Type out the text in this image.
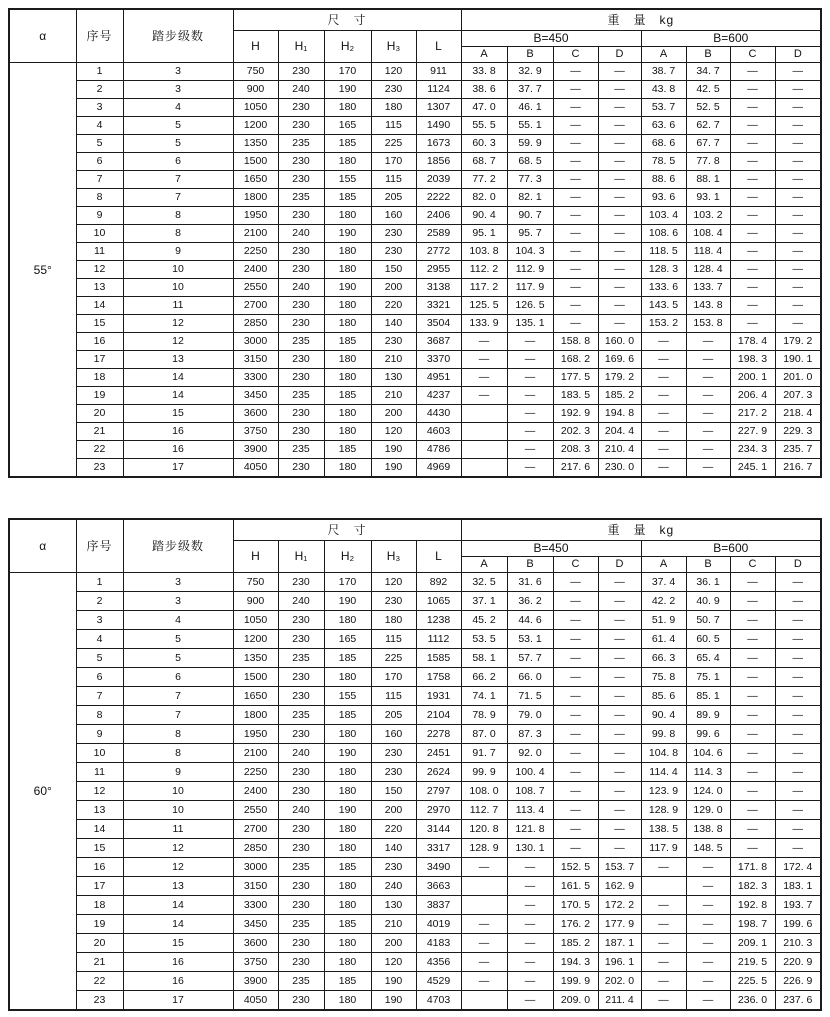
α	序号	踏步级数	尺　寸					重　量　kg							
			H	H₁	H₂	H₃	L	B=450				B=600			
								A	B	C	D	A	B	C	D
55°	1	3	750	230	170	120	911	33. 8	32. 9	—	—	38. 7	34. 7	—	—
	2	3	900	240	190	230	1124	38. 6	37. 7	—	—	43. 8	42. 5	—	—
	3	4	1050	230	180	180	1307	47. 0	46. 1	—	—	53. 7	52. 5	—	—
	4	5	1200	230	165	115	1490	55. 5	55. 1	—	—	63. 6	62. 7	—	—
	5	5	1350	235	185	225	1673	60. 3	59. 9	—	—	68. 6	67. 7	—	—
	6	6	1500	230	180	170	1856	68. 7	68. 5	—	—	78. 5	77. 8	—	—
	7	7	1650	230	155	115	2039	77. 2	77. 3	—	—	88. 6	88. 1	—	—
	8	7	1800	235	185	205	2222	82. 0	82. 1	—	—	93. 6	93. 1	—	—
	9	8	1950	230	180	160	2406	90. 4	90. 7	—	—	103. 4	103. 2	—	—
	10	8	2100	240	190	230	2589	95. 1	95. 7	—	—	108. 6	108. 4	—	—
	11	9	2250	230	180	230	2772	103. 8	104. 3	—	—	118. 5	118. 4	—	—
	12	10	2400	230	180	150	2955	112. 2	112. 9	—	—	128. 3	128. 4	—	—
	13	10	2550	240	190	200	3138	117. 2	117. 9	—	—	133. 6	133. 7	—	—
	14	11	2700	230	180	220	3321	125. 5	126. 5	—	—	143. 5	143. 8	—	—
	15	12	2850	230	180	140	3504	133. 9	135. 1	—	—	153. 2	153. 8	—	—
	16	12	3000	235	185	230	3687	—	—	158. 8	160. 0	—	—	178. 4	179. 2
	17	13	3150	230	180	210	3370	—	—	168. 2	169. 6	—	—	198. 3	190. 1
	18	14	3300	230	180	130	4951	—	—	177. 5	179. 2	—	—	200. 1	201. 0
	19	14	3450	235	185	210	4237	—	—	183. 5	185. 2	—	—	206. 4	207. 3
	20	15	3600	230	180	200	4430		—	192. 9	194. 8	—	—	217. 2	218. 4
	21	16	3750	230	180	120	4603		—	202. 3	204. 4	—	—	227. 9	229. 3
	22	16	3900	235	185	190	4786		—	208. 3	210. 4	—	—	234. 3	235. 7
	23	17	4050	230	180	190	4969		—	217. 6	230. 0	—	—	245. 1	216. 7
α	序号	踏步级数	尺　寸					重　量　kg							
			H	H₁	H₂	H₃	L	B=450				B=600			
								A	B	C	D	A	B	C	D
60°	1	3	750	230	170	120	892	32. 5	31. 6	—	—	37. 4	36. 1	—	—
	2	3	900	240	190	230	1065	37. 1	36. 2	—	—	42. 2	40. 9	—	—
	3	4	1050	230	180	180	1238	45. 2	44. 6	—	—	51. 9	50. 7	—	—
	4	5	1200	230	165	115	1112	53. 5	53. 1	—	—	61. 4	60. 5	—	—
	5	5	1350	235	185	225	1585	58. 1	57. 7	—	—	66. 3	65. 4	—	—
	6	6	1500	230	180	170	1758	66. 2	66. 0	—	—	75. 8	75. 1	—	—
	7	7	1650	230	155	115	1931	74. 1	71. 5	—	—	85. 6	85. 1	—	—
	8	7	1800	235	185	205	2104	78. 9	79. 0	—	—	90. 4	89. 9	—	—
	9	8	1950	230	180	160	2278	87. 0	87. 3	—	—	99. 8	99. 6	—	—
	10	8	2100	240	190	230	2451	91. 7	92. 0	—	—	104. 8	104. 6	—	—
	11	9	2250	230	180	230	2624	99. 9	100. 4	—	—	114. 4	114. 3	—	—
	12	10	2400	230	180	150	2797	108. 0	108. 7	—	—	123. 9	124. 0	—	—
	13	10	2550	240	190	200	2970	112. 7	113. 4	—	—	128. 9	129. 0	—	—
	14	11	2700	230	180	220	3144	120. 8	121. 8	—	—	138. 5	138. 8	—	—
	15	12	2850	230	180	140	3317	128. 9	130. 1	—	—	117. 9	148. 5	—	—
	16	12	3000	235	185	230	3490	—	—	152. 5	153. 7	—	—	171. 8	172. 4
	17	13	3150	230	180	240	3663		—	161. 5	162. 9		—	182. 3	183. 1
	18	14	3300	230	180	130	3837		—	170. 5	172. 2	—	—	192. 8	193. 7
	19	14	3450	235	185	210	4019	—	—	176. 2	177. 9	—	—	198. 7	199. 6
	20	15	3600	230	180	200	4183	—	—	185. 2	187. 1	—	—	209. 1	210. 3
	21	16	3750	230	180	120	4356	—	—	194. 3	196. 1	—	—	219. 5	220. 9
	22	16	3900	235	185	190	4529	—	—	199. 9	202. 0	—	—	225. 5	226. 9
	23	17	4050	230	180	190	4703		—	209. 0	211. 4	—	—	236. 0	237. 6
